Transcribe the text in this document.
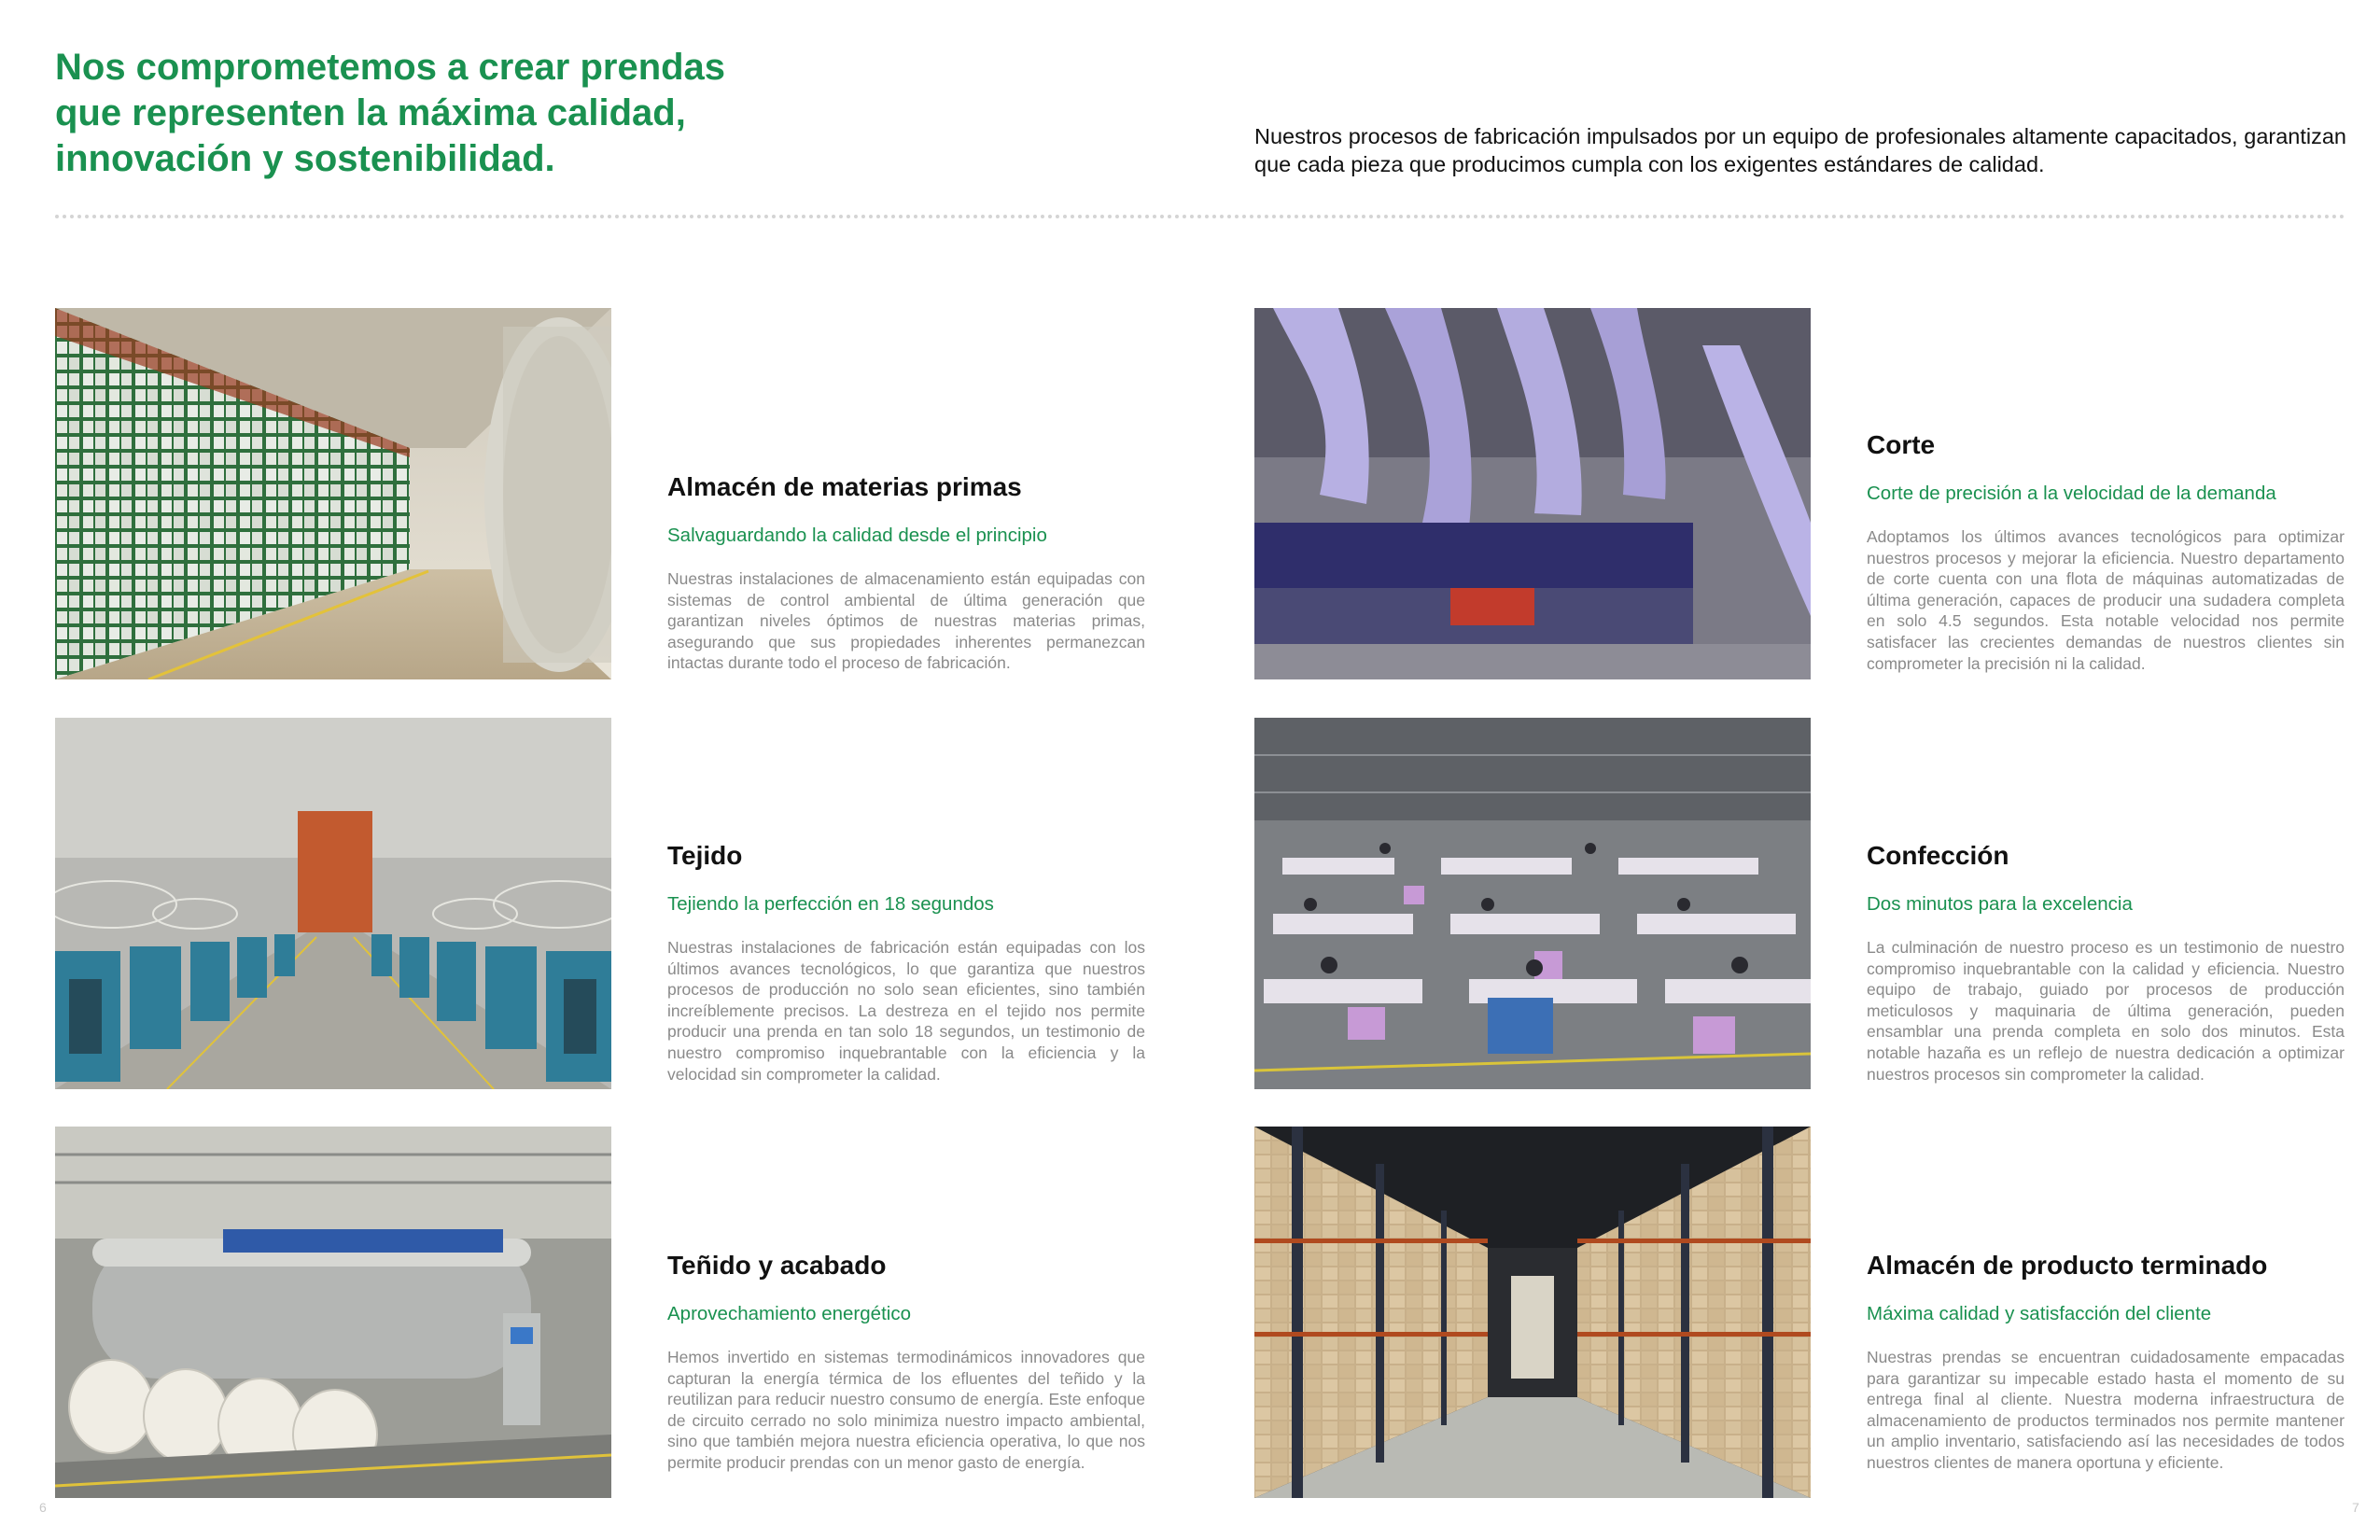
Nos comprometemos a crear prendas
que representen la máxima calidad,
innovación y sostenibilidad.

Nuestros procesos de fabricación impulsados por un equipo de profesionales altamente capacitados, garantizan que cada pieza que producimos cumpla con los exigentes estándares de calidad.

Almacén de materias primas

Salvaguardando la calidad desde el principio

Nuestras instalaciones de almacenamiento están equipadas con sistemas de control ambiental de última generación que garantizan niveles óptimos de nuestras materias primas, asegurando que sus propiedades inherentes permanezcan intactas durante todo el proceso de fabricación.

Corte

Corte de precisión a la velocidad de la demanda

Adoptamos los últimos avances tecnológicos para optimizar nuestros procesos y mejorar la eficiencia. Nuestro departamento de corte cuenta con una flota de máquinas automatizadas de última generación, capaces de producir una sudadera completa en solo 4.5 segundos. Esta notable velocidad nos permite satisfacer las crecientes demandas de nuestros clientes sin comprometer la precisión ni la calidad.

Tejido

Tejiendo la perfección en 18 segundos

Nuestras instalaciones de fabricación están equipadas con los últimos avances tecnológicos, lo que garantiza que nuestros procesos de producción no solo sean eficientes, sino también increíblemente precisos. La destreza en el tejido nos permite producir una prenda en tan solo 18 segundos, un testimonio de nuestro compromiso inquebrantable con la eficiencia y la velocidad sin comprometer la calidad.

Confección

Dos minutos para la excelencia

La culminación de nuestro proceso es un testimonio de nuestro compromiso inquebrantable con la calidad y eficiencia. Nuestro equipo de trabajo, guiado por procesos de producción meticulosos y maquinaria de última generación, pueden ensamblar una prenda completa en solo dos minutos. Esta notable hazaña es un reflejo de nuestra dedicación a optimizar nuestros procesos sin comprometer la calidad.

Teñido y acabado

Aprovechamiento energético

Hemos invertido en sistemas termodinámicos innovadores que capturan la energía térmica de los efluentes del teñido y la reutilizan para reducir nuestro consumo de energía. Este enfoque de circuito cerrado no solo minimiza nuestro impacto ambiental, sino que también mejora nuestra eficiencia operativa, lo que nos permite producir prendas con un menor gasto de energía.

Almacén de producto terminado

Máxima calidad y satisfacción del cliente

Nuestras prendas se encuentran cuidadosamente empacadas para garantizar su impecable estado hasta el momento de su entrega final al cliente. Nuestra moderna infraestructura de almacenamiento de productos terminados nos permite mantener un amplio inventario, satisfaciendo así las necesidades de todos nuestros clientes de manera oportuna y eficiente.

6	7
